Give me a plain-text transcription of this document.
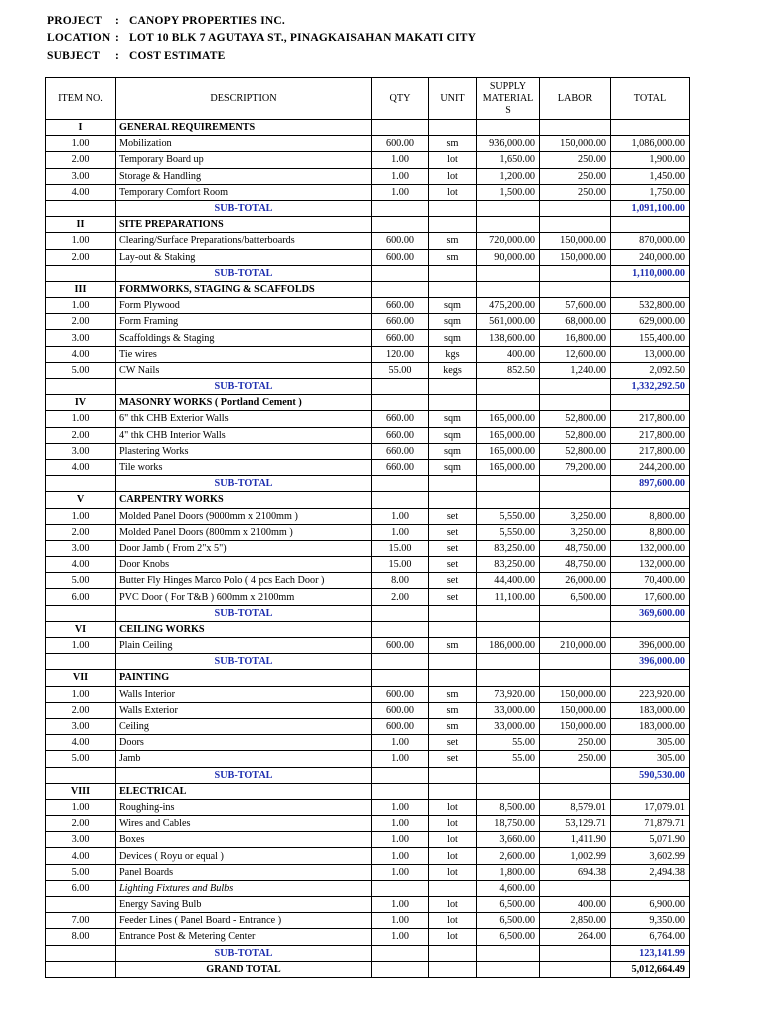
PROJECT : CANOPY PROPERTIES INC.
LOCATION : LOT 10 BLK 7 AGUTAYA ST., PINAGKAISAHAN MAKATI CITY
SUBJECT : COST ESTIMATE
ITEM NO.	DESCRIPTION	QTY	UNIT	SUPPLY MATERIAL S	LABOR	TOTAL
I	GENERAL REQUIREMENTS					
1.00	Mobilization	600.00	sm	936,000.00	150,000.00	1,086,000.00
2.00	Temporary Board up	1.00	lot	1,650.00	250.00	1,900.00
3.00	Storage & Handling	1.00	lot	1,200.00	250.00	1,450.00
4.00	Temporary Comfort Room	1.00	lot	1,500.00	250.00	1,750.00
	SUB-TOTAL					1,091,100.00
II	SITE PREPARATIONS					
1.00	Clearing/Surface Preparations/batterboards	600.00	sm	720,000.00	150,000.00	870,000.00
2.00	Lay-out & Staking	600.00	sm	90,000.00	150,000.00	240,000.00
	SUB-TOTAL					1,110,000.00
III	FORMWORKS, STAGING & SCAFFOLDS					
1.00	Form Plywood	660.00	sqm	475,200.00	57,600.00	532,800.00
2.00	Form Framing	660.00	sqm	561,000.00	68,000.00	629,000.00
3.00	Scaffoldings & Staging	660.00	sqm	138,600.00	16,800.00	155,400.00
4.00	Tie wires	120.00	kgs	400.00	12,600.00	13,000.00
5.00	CW Nails	55.00	kegs	852.50	1,240.00	2,092.50
	SUB-TOTAL					1,332,292.50
IV	MASONRY WORKS ( Portland Cement )					
1.00	6" thk CHB Exterior Walls	660.00	sqm	165,000.00	52,800.00	217,800.00
2.00	4" thk CHB Interior Walls	660.00	sqm	165,000.00	52,800.00	217,800.00
3.00	Plastering Works	660.00	sqm	165,000.00	52,800.00	217,800.00
4.00	Tile works	660.00	sqm	165,000.00	79,200.00	244,200.00
	SUB-TOTAL					897,600.00
V	CARPENTRY WORKS					
1.00	Molded Panel Doors (9000mm x 2100mm )	1.00	set	5,550.00	3,250.00	8,800.00
2.00	Molded Panel Doors (800mm x 2100mm )	1.00	set	5,550.00	3,250.00	8,800.00
3.00	Door Jamb ( From 2"x 5")	15.00	set	83,250.00	48,750.00	132,000.00
4.00	Door Knobs	15.00	set	83,250.00	48,750.00	132,000.00
5.00	Butter Fly Hinges Marco Polo ( 4 pcs Each Door )	8.00	set	44,400.00	26,000.00	70,400.00
6.00	PVC Door ( For T&B ) 600mm x 2100mm	2.00	set	11,100.00	6,500.00	17,600.00
	SUB-TOTAL					369,600.00
VI	CEILING WORKS					
1.00	Plain Ceiling	600.00	sm	186,000.00	210,000.00	396,000.00
	SUB-TOTAL					396,000.00
VII	PAINTING					
1.00	Walls Interior	600.00	sm	73,920.00	150,000.00	223,920.00
2.00	Walls Exterior	600.00	sm	33,000.00	150,000.00	183,000.00
3.00	Ceiling	600.00	sm	33,000.00	150,000.00	183,000.00
4.00	Doors	1.00	set	55.00	250.00	305.00
5.00	Jamb	1.00	set	55.00	250.00	305.00
	SUB-TOTAL					590,530.00
VIII	ELECTRICAL					
1.00	Roughing-ins	1.00	lot	8,500.00	8,579.01	17,079.01
2.00	Wires and Cables	1.00	lot	18,750.00	53,129.71	71,879.71
3.00	Boxes	1.00	lot	3,660.00	1,411.90	5,071.90
4.00	Devices ( Royu or equal )	1.00	lot	2,600.00	1,002.99	3,602.99
5.00	Panel Boards	1.00	lot	1,800.00	694.38	2,494.38
6.00	Lighting Fixtures and Bulbs			4,600.00		
	Energy Saving Bulb	1.00	lot	6,500.00	400.00	6,900.00
7.00	Feeder Lines ( Panel Board - Entrance )	1.00	lot	6,500.00	2,850.00	9,350.00
8.00	Entrance Post & Metering Center	1.00	lot	6,500.00	264.00	6,764.00
	SUB-TOTAL					123,141.99
	GRAND TOTAL					5,012,664.49
